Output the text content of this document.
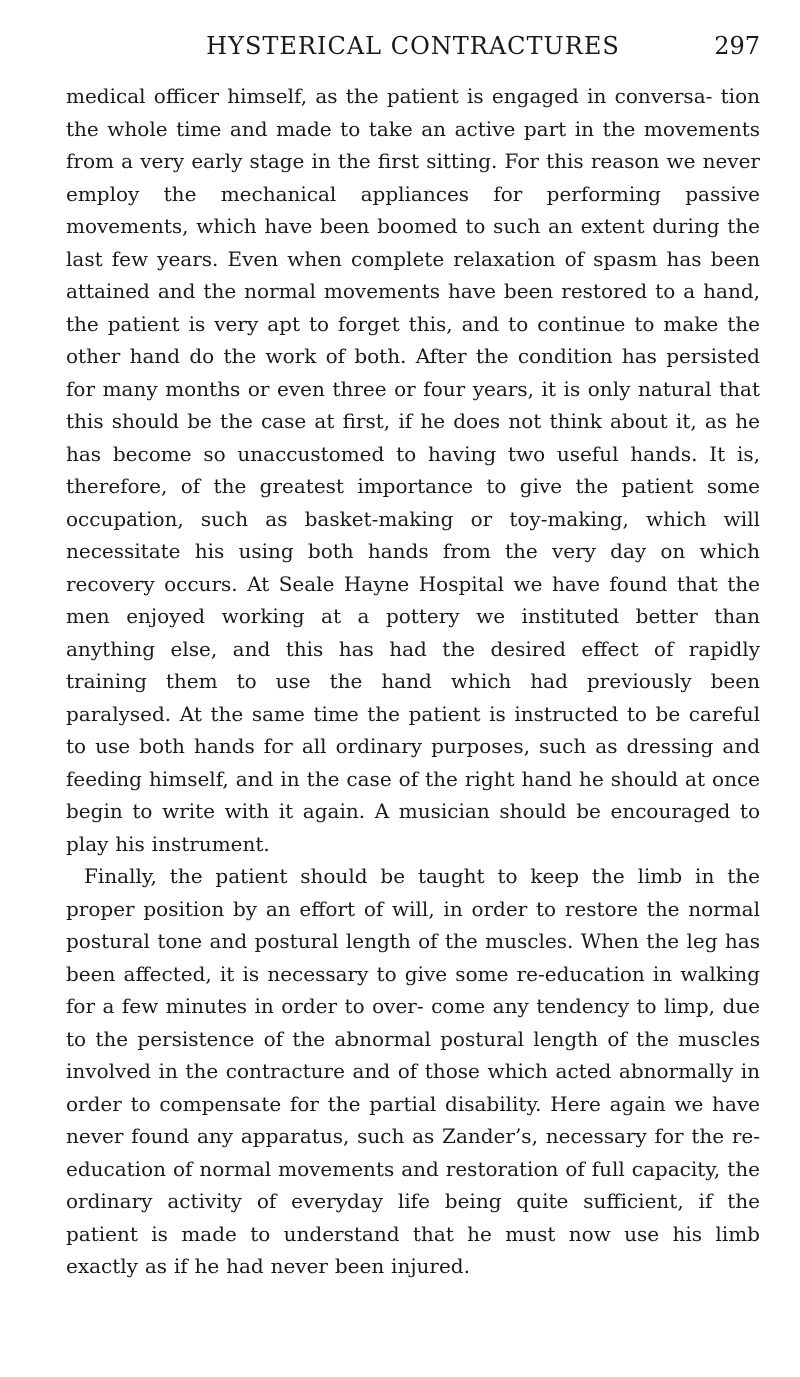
HYSTERICAL CONTRACTURES	297

medical officer himself, as the patient is engaged in conversa- tion the whole time and made to take an active part in the movements from a very early stage in the first sitting. For this reason we never employ the mechanical appliances for performing passive movements, which have been boomed to such an extent during the last few years. Even when complete relaxation of spasm has been attained and the normal movements have been restored to a hand, the patient is very apt to forget this, and to continue to make the other hand do the work of both. After the condition has persisted for many months or even three or four years, it is only natural that this should be the case at first, if he does not think about it, as he has become so unaccustomed to having two useful hands. It is, therefore, of the greatest importance to give the patient some occupation, such as basket-making or toy-making, which will necessitate his using both hands from the very day on which recovery occurs. At Seale Hayne Hospital we have found that the men enjoyed working at a pottery we instituted better than anything else, and this has had the desired effect of rapidly training them to use the hand which had previously been paralysed. At the same time the patient is instructed to be careful to use both hands for all ordinary purposes, such as dressing and feeding himself, and in the case of the right hand he should at once begin to write with it again. A musician should be encouraged to play his instrument.

Finally, the patient should be taught to keep the limb in the proper position by an effort of will, in order to restore the normal postural tone and postural length of the muscles. When the leg has been affected, it is necessary to give some re-education in walking for a few minutes in order to over- come any tendency to limp, due to the persistence of the abnormal postural length of the muscles involved in the contracture and of those which acted abnormally in order to compensate for the partial disability. Here again we have never found any apparatus, such as Zander’s, necessary for the re-education of normal movements and restoration of full capacity, the ordinary activity of everyday life being quite sufficient, if the patient is made to understand that he must now use his limb exactly as if he had never been injured.
